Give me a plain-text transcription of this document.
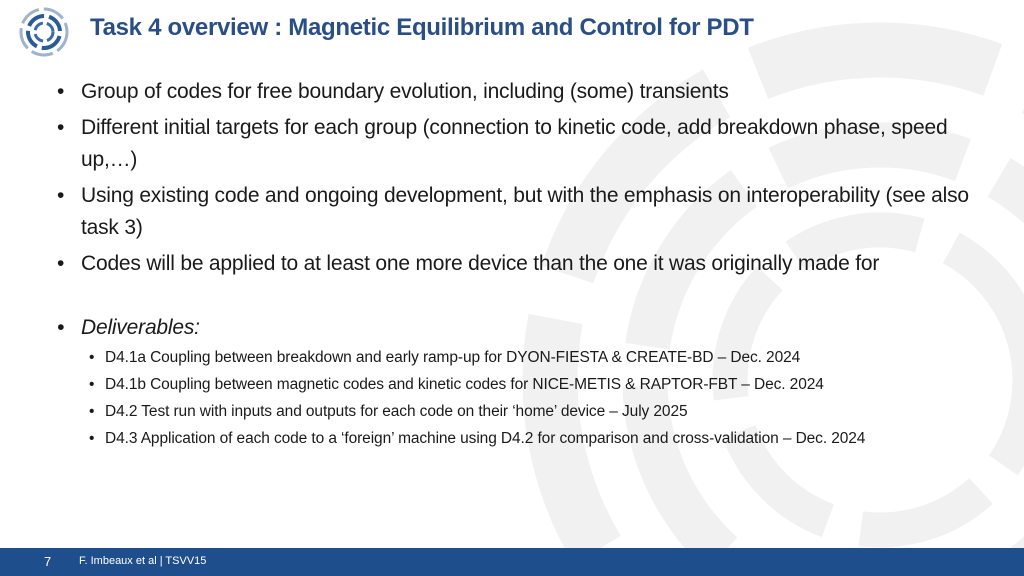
Task 4 overview : Magnetic Equilibrium and Control for PDT
• Group of codes for free boundary evolution, including (some) transients
• Different initial targets for each group (connection to kinetic code, add breakdown phase, speed up,…)
• Using existing code and ongoing development, but with the emphasis on interoperability (see also task 3)
• Codes will be applied to at least one more device than the one it was originally made for
• Deliverables:
• D4.1a Coupling between breakdown and early ramp-up for DYON-FIESTA & CREATE-BD – Dec. 2024
• D4.1b Coupling between magnetic codes and kinetic codes for NICE-METIS & RAPTOR-FBT – Dec. 2024
• D4.2 Test run with inputs and outputs for each code on their ‘home’ device – July 2025
• D4.3 Application of each code to a ‘foreign’ machine using D4.2 for comparison and cross-validation – Dec. 2024
7	F. Imbeaux et al | TSVV15
